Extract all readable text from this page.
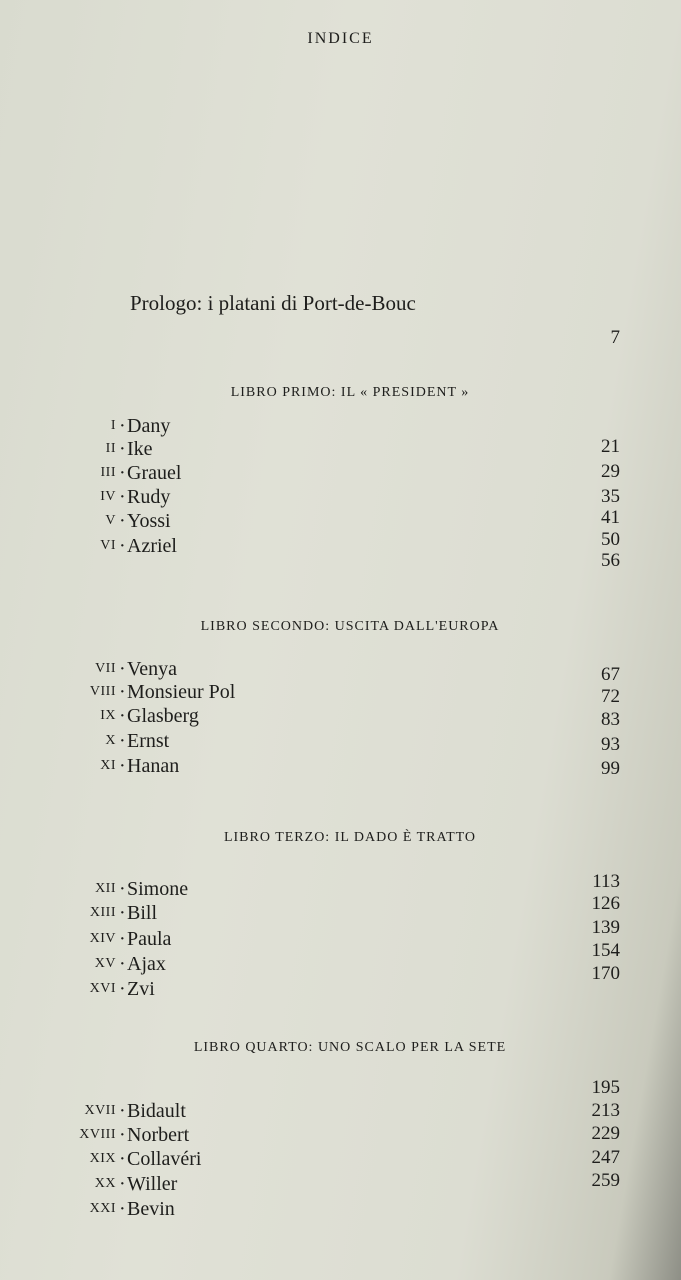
INDICE
Prologo: i platani di Port-de-Bouc
7
LIBRO PRIMO: IL « PRESIDENT »
I · Dany
II · Ike
III · Grauel
IV · Rudy
V · Yossi
VI · Azriel
21
29
35
41
50
56
LIBRO SECONDO: USCITA DALL'EUROPA
VII · Venya
VIII · Monsieur Pol
IX · Glasberg
X · Ernst
XI · Hanan
67
72
83
93
99
LIBRO TERZO: IL DADO È TRATTO
XII · Simone
XIII · Bill
XIV · Paula
XV · Ajax
XVI · Zvi
113
126
139
154
170
LIBRO QUARTO: UNO SCALO PER LA SETE
XVII · Bidault
XVIII · Norbert
XIX · Collavéri
XX · Willer
XXI · Bevin
195
213
229
247
259
